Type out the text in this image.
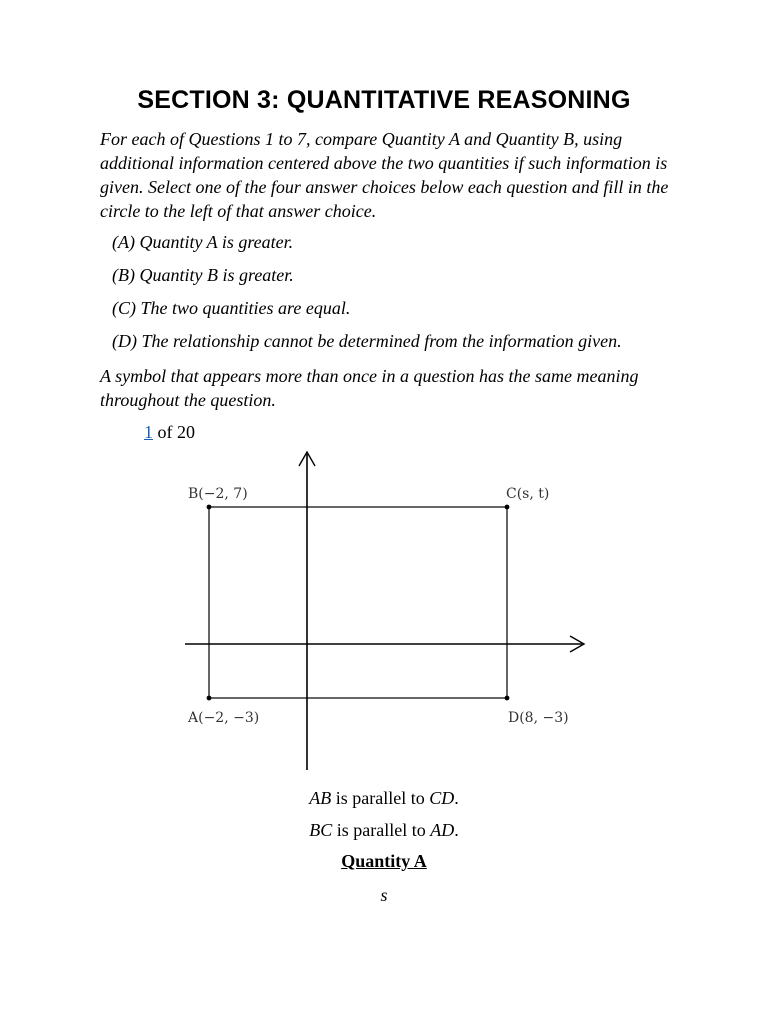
SECTION 3: QUANTITATIVE REASONING
For each of Questions 1 to 7, compare Quantity A and Quantity B, using additional information centered above the two quantities if such information is given. Select one of the four answer choices below each question and fill in the circle to the left of that answer choice.
(A) Quantity A is greater.
(B) Quantity B is greater.
(C) The two quantities are equal.
(D) The relationship cannot be determined from the information given.
A symbol that appears more than once in a question has the same meaning throughout the question.
1 of 20
B(−2, 7)	C(s, t)
A(−2, −3)	D(8, −3)
AB is parallel to CD.
BC is parallel to AD.
Quantity A
s
